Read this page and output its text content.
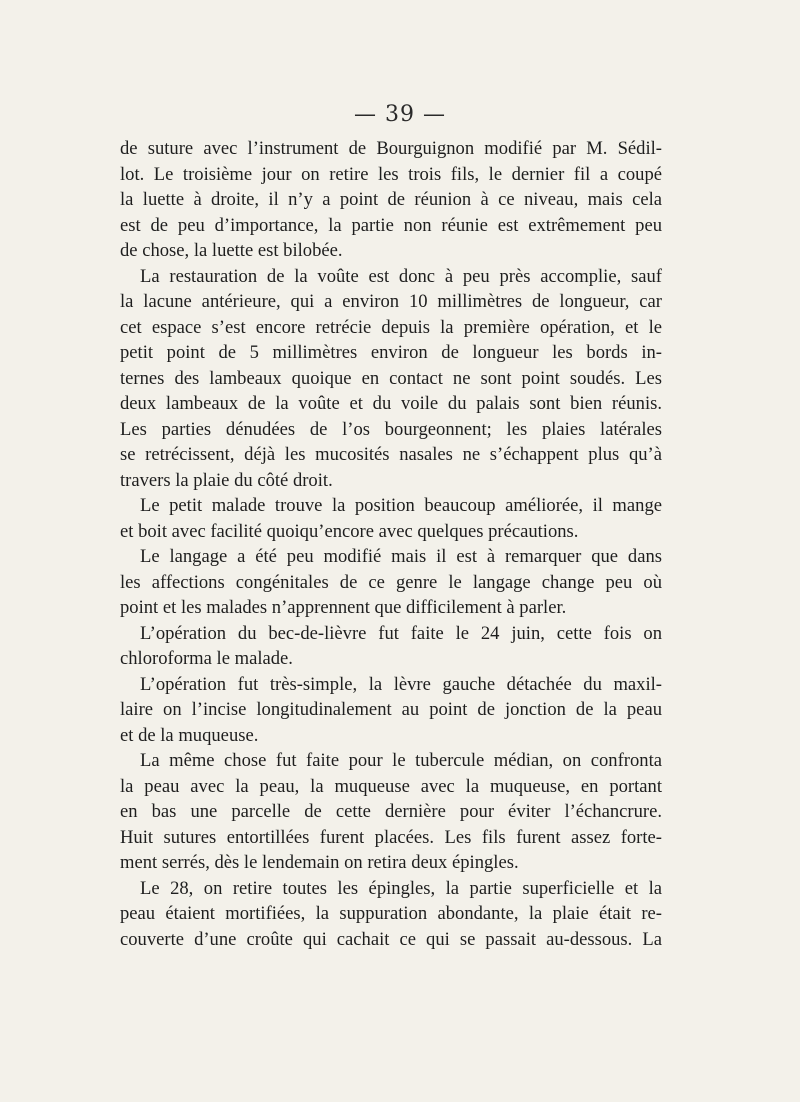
— 39 —
de suture avec l’instrument de Bourguignon modifié par M. Sédil-
lot. Le troisième jour on retire les trois fils, le dernier fil a coupé
la luette à droite, il n’y a point de réunion à ce niveau, mais cela
est de peu d’importance, la partie non réunie est extrêmement peu
de chose, la luette est bilobée.
La restauration de la voûte est donc à peu près accomplie, sauf
la lacune antérieure, qui a environ 10 millimètres de longueur, car
cet espace s’est encore retrécie depuis la première opération, et le
petit point de 5 millimètres environ de longueur les bords in-
ternes des lambeaux quoique en contact ne sont point soudés. Les
deux lambeaux de la voûte et du voile du palais sont bien réunis.
Les parties dénudées de l’os bourgeonnent; les plaies latérales
se retrécissent, déjà les mucosités nasales ne s’échappent plus qu’à
travers la plaie du côté droit.
Le petit malade trouve la position beaucoup améliorée, il mange
et boit avec facilité quoiqu’encore avec quelques précautions.
Le langage a été peu modifié mais il est à remarquer que dans
les affections congénitales de ce genre le langage change peu où
point et les malades n’apprennent que difficilement à parler.
L’opération du bec-de-lièvre fut faite le 24 juin, cette fois on
chloroforma le malade.
L’opération fut très-simple, la lèvre gauche détachée du maxil-
laire on l’incise longitudinalement au point de jonction de la peau
et de la muqueuse.
La même chose fut faite pour le tubercule médian, on confronta
la peau avec la peau, la muqueuse avec la muqueuse, en portant
en bas une parcelle de cette dernière pour éviter l’échancrure.
Huit sutures entortillées furent placées. Les fils furent assez forte-
ment serrés, dès le lendemain on retira deux épingles.
Le 28, on retire toutes les épingles, la partie superficielle et la
peau étaient mortifiées, la suppuration abondante, la plaie était re-
couverte d’une croûte qui cachait ce qui se passait au-dessous. La
